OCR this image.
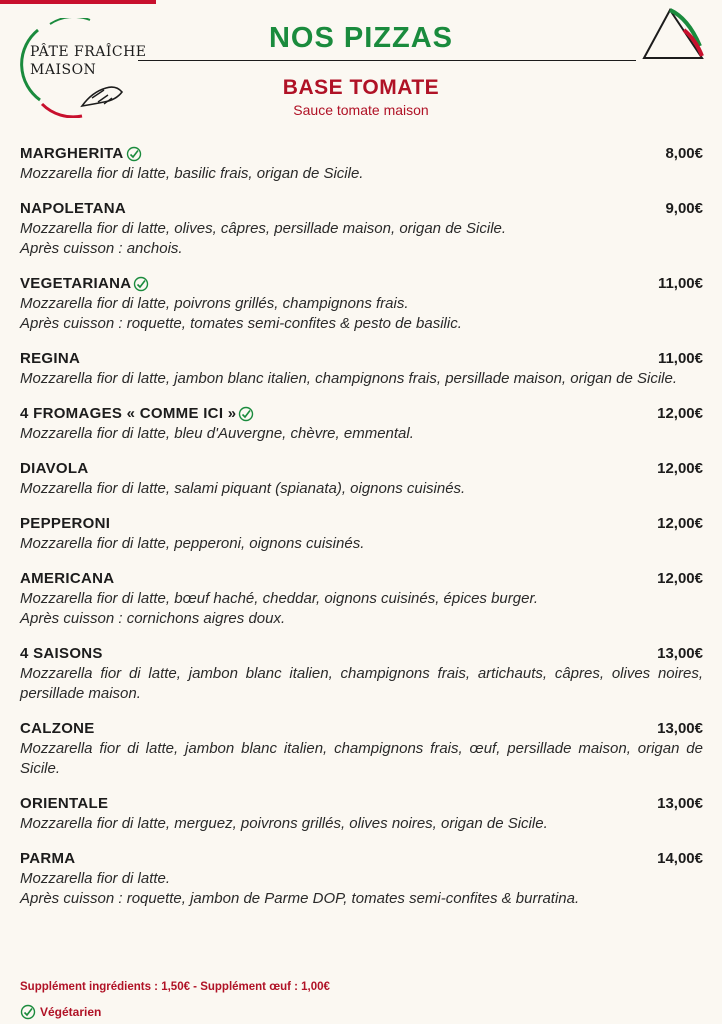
PÂTE FRAÎCHE
MAISON
NOS PIZZAS
BASE TOMATE
Sauce tomate maison
MARGHERITA	8,00€
Mozzarella fior di latte, basilic frais, origan de Sicile.
NAPOLETANA	9,00€
Mozzarella fior di latte, olives, câpres, persillade maison, origan de Sicile.
Après cuisson : anchois.
VEGETARIANA	11,00€
Mozzarella fior di latte, poivrons grillés, champignons frais.
Après cuisson : roquette, tomates semi-confites & pesto de basilic.
REGINA	11,00€
Mozzarella fior di latte, jambon blanc italien, champignons frais, persillade maison, origan de Sicile.
4 FROMAGES « COMME ICI »	12,00€
Mozzarella fior di latte, bleu d'Auvergne, chèvre, emmental.
DIAVOLA	12,00€
Mozzarella fior di latte, salami piquant (spianata), oignons cuisinés.
PEPPERONI	12,00€
Mozzarella fior di latte, pepperoni, oignons cuisinés.
AMERICANA	12,00€
Mozzarella fior di latte, bœuf haché, cheddar, oignons cuisinés, épices burger.
Après cuisson : cornichons aigres doux.
4 SAISONS	13,00€
Mozzarella fior di latte, jambon blanc italien, champignons frais, artichauts, câpres, olives noires, persillade maison.
CALZONE	13,00€
Mozzarella fior di latte, jambon blanc italien, champignons frais, œuf, persillade maison, origan de Sicile.
ORIENTALE	13,00€
Mozzarella fior di latte, merguez, poivrons grillés, olives noires, origan de Sicile.
PARMA	14,00€
Mozzarella fior di latte.
Après cuisson : roquette, jambon de Parme DOP, tomates semi-confites & burratina.
Supplément ingrédients : 1,50€ - Supplément œuf : 1,00€
Végétarien
